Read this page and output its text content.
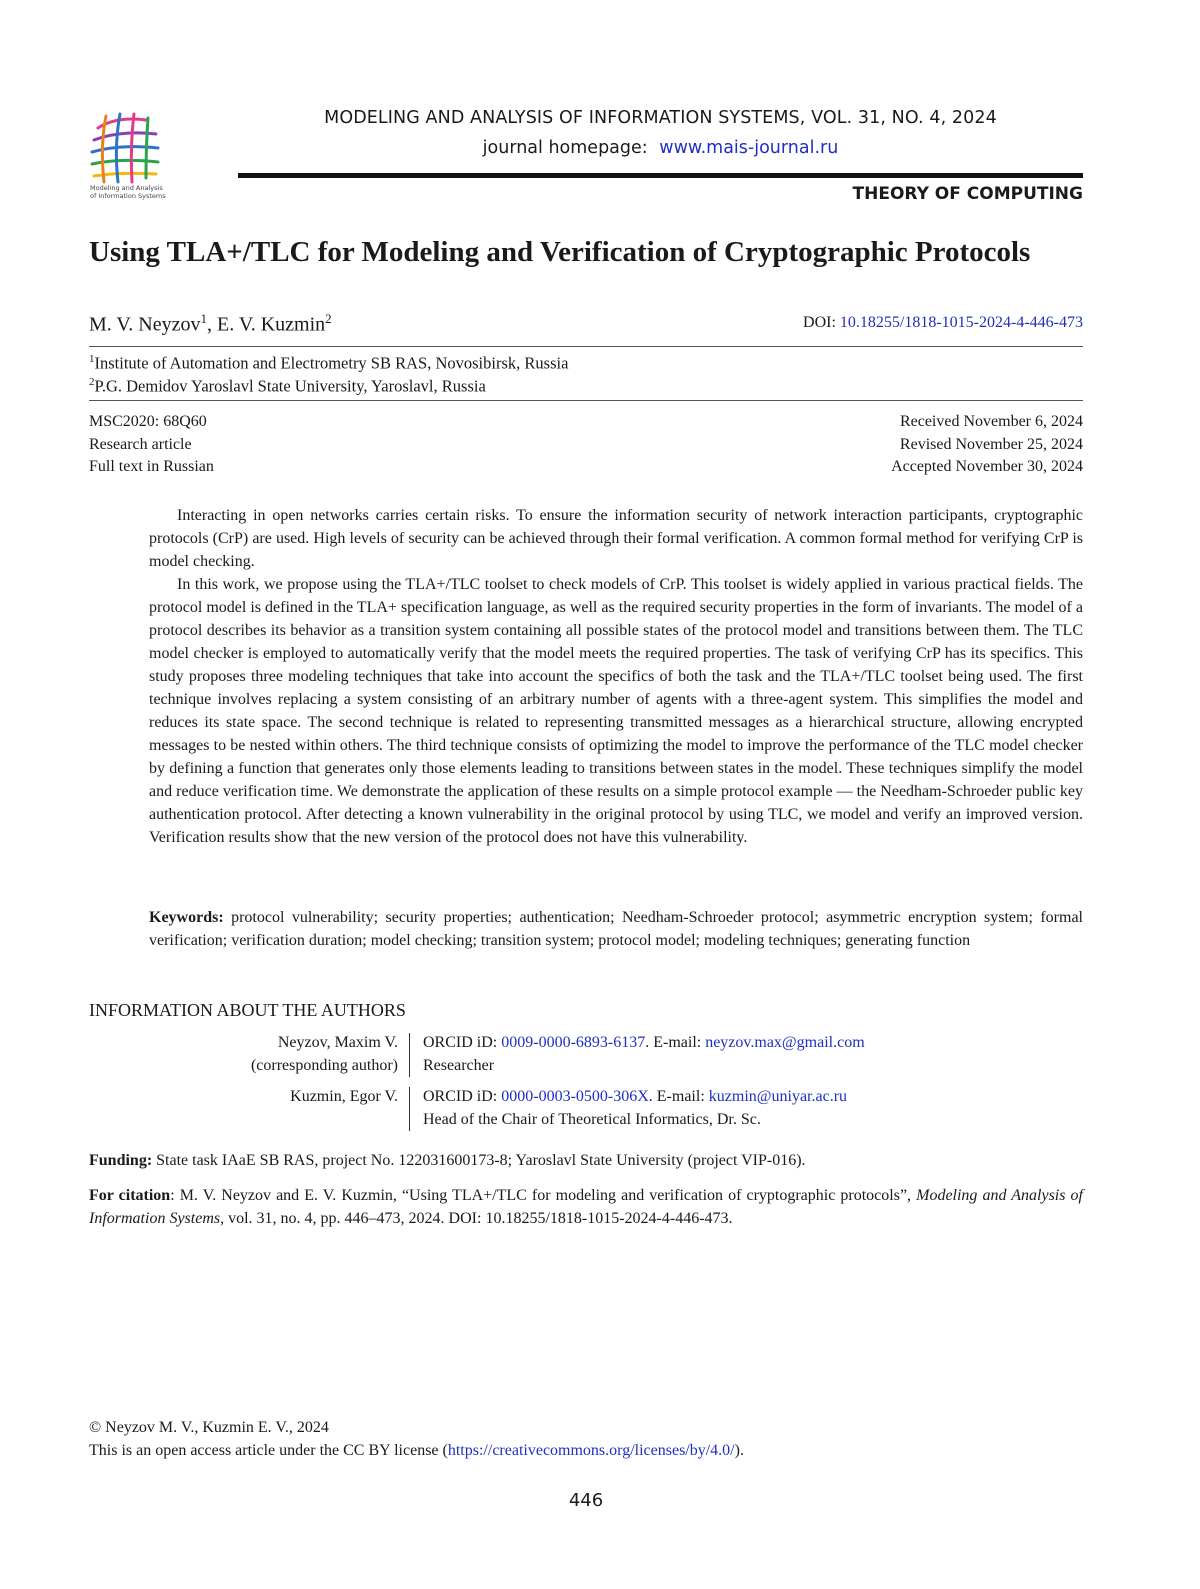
Modeling and Analysis
of Information Systems
MODELING AND ANALYSIS OF INFORMATION SYSTEMS, VOL. 31, NO. 4, 2024
journal homepage: www.mais-journal.ru
THEORY OF COMPUTING
Using TLA+/TLC for Modeling and Verification of Cryptographic Protocols
M. V. Neyzov$^1$, E. V. Kuzmin$^2$	DOI: 10.18255/1818-1015-2024-4-446-473
$^1$Institute of Automation and Electrometry SB RAS, Novosibirsk, Russia
$^2$P.G. Demidov Yaroslavl State University, Yaroslavl, Russia
MSC2020: 68Q60
Research article
Full text in Russian
Received November 6, 2024
Revised November 25, 2024
Accepted November 30, 2024

Interacting in open networks carries certain risks. To ensure the information security of network interaction participants, cryptographic protocols (CrP) are used. High levels of security can be achieved through their formal verification. A common formal method for verifying CrP is model checking.

In this work, we propose using the TLA+/TLC toolset to check models of CrP. This toolset is widely applied in various practical fields. The protocol model is defined in the TLA+ specification language, as well as the required security properties in the form of invariants. The model of a protocol describes its behavior as a transition system containing all possible states of the protocol model and transitions between them. The TLC model checker is employed to automatically verify that the model meets the required properties. The task of verifying CrP has its specifics. This study proposes three modeling techniques that take into account the specifics of both the task and the TLA+/TLC toolset being used. The first technique involves replacing a system consisting of an arbitrary number of agents with a three-agent system. This simplifies the model and reduces its state space. The second technique is related to representing transmitted messages as a hierarchical structure, allowing encrypted messages to be nested within others. The third technique consists of optimizing the model to improve the performance of the TLC model checker by defining a function that generates only those elements leading to transitions between states in the model. These techniques simplify the model and reduce verification time. We demonstrate the application of these results on a simple protocol example — the Needham-Schroeder public key authentication protocol. After detecting a known vulnerability in the original protocol by using TLC, we model and verify an improved version. Verification results show that the new version of the protocol does not have this vulnerability.

Keywords: protocol vulnerability; security properties; authentication; Needham-Schroeder protocol; asymmetric encryption system; formal verification; verification duration; model checking; transition system; protocol model; modeling techniques; generating function
INFORMATION ABOUT THE AUTHORS
Neyzov, Maxim V.
(corresponding author)
ORCID iD: 0009-0000-6893-6137. E-mail: neyzov.max@gmail.com
Researcher
Kuzmin, Egor V. ORCID iD: 0000-0003-0500-306X. E-mail: kuzmin@uniyar.ac.ru
Head of the Chair of Theoretical Informatics, Dr. Sc.
Funding: State task IAaE SB RAS, project No. 122031600173-8; Yaroslavl State University (project VIP-016).
For citation: M. V. Neyzov and E. V. Kuzmin, “Using TLA+/TLC for modeling and verification of cryptographic protocols”, Modeling and Analysis of Information Systems, vol. 31, no. 4, pp. 446–473, 2024. DOI: 10.18255/1818-1015-2024-4-446-473.
© Neyzov M. V., Kuzmin E. V., 2024
This is an open access article under the CC BY license (https://creativecommons.org/licenses/by/4.0/).
446
